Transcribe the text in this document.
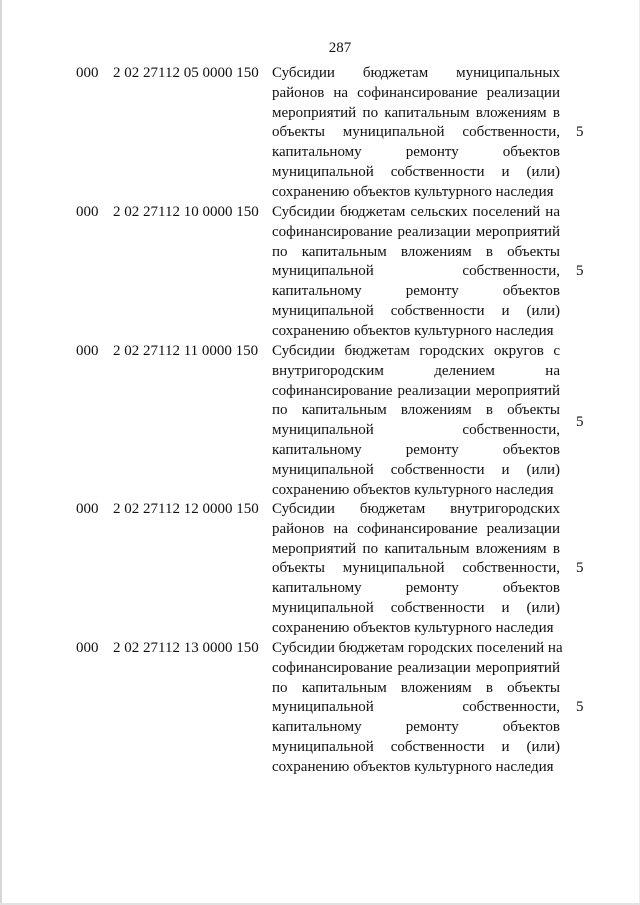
287
000 2 02 27112 05 0000 150 Субсидии бюджетам муниципальных
районов на софинансирование реализации
мероприятий по капитальным вложениям в
объекты муниципальной собственности,
капитальному ремонту объектов
муниципальной собственности и (или)
сохранению объектов культурного наследия
5
000 2 02 27112 10 0000 150 Субсидии бюджетам сельских поселений на
софинансирование реализации мероприятий
по капитальным вложениям в объекты
муниципальной собственности,
капитальному ремонту объектов
муниципальной собственности и (или)
сохранению объектов культурного наследия
5
000 2 02 27112 11 0000 150 Субсидии бюджетам городских округов с
внутригородским делением на
софинансирование реализации мероприятий
по капитальным вложениям в объекты
муниципальной собственности,
капитальному ремонту объектов
муниципальной собственности и (или)
сохранению объектов культурного наследия
5
000 2 02 27112 12 0000 150 Субсидии бюджетам внутригородских
районов на софинансирование реализации
мероприятий по капитальным вложениям в
объекты муниципальной собственности,
капитальному ремонту объектов
муниципальной собственности и (или)
сохранению объектов культурного наследия
5
000 2 02 27112 13 0000 150 Субсидии бюджетам городских поселений на
софинансирование реализации мероприятий
по капитальным вложениям в объекты
муниципальной собственности,
капитальному ремонту объектов
муниципальной собственности и (или)
сохранению объектов культурного наследия
5
